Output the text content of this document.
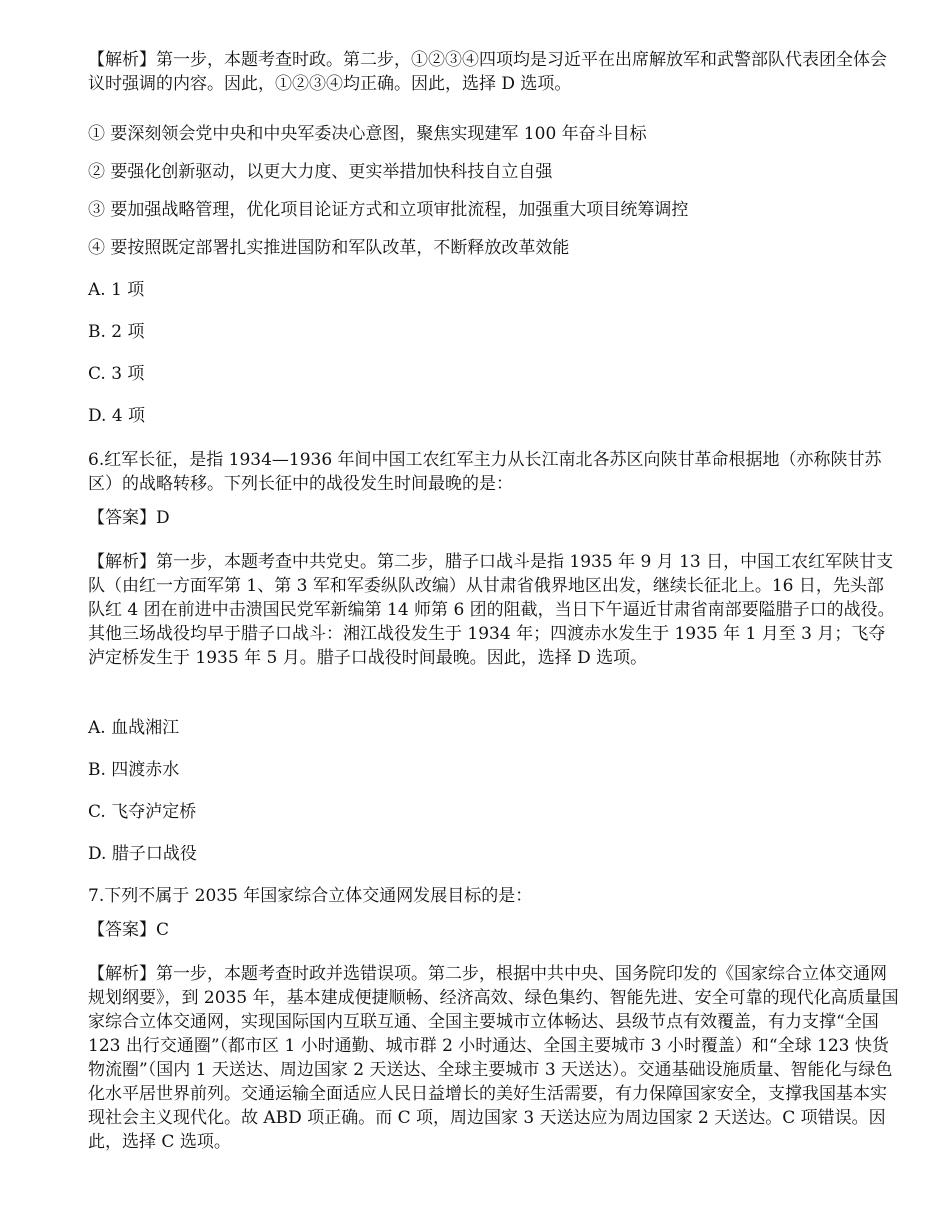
【解析】第一步，本题考查时政。第二步，①②③④四项均是习近平在出席解放军和武警部队代表团全体会议时强调的内容。因此，①②③④均正确。因此，选择 D 选项。
① 要深刻领会党中央和中央军委决心意图，聚焦实现建军 100 年奋斗目标
② 要强化创新驱动，以更大力度、更实举措加快科技自立自强
③ 要加强战略管理，优化项目论证方式和立项审批流程，加强重大项目统筹调控
④ 要按照既定部署扎实推进国防和军队改革，不断释放改革效能
A. 1 项
B. 2 项
C. 3 项
D. 4 项
6.红军长征，是指 1934—1936 年间中国工农红军主力从长江南北各苏区向陕甘革命根据地（亦称陕甘苏区）的战略转移。下列长征中的战役发生时间最晚的是：
【答案】D
【解析】第一步，本题考查中共党史。第二步，腊子口战斗是指 1935 年 9 月 13 日，中国工农红军陕甘支队（由红一方面军第 1、第 3 军和军委纵队改编）从甘肃省俄界地区出发，继续长征北上。16 日，先头部队红 4 团在前进中击溃国民党军新编第 14 师第 6 团的阻截，当日下午逼近甘肃省南部要隘腊子口的战役。其他三场战役均早于腊子口战斗：湘江战役发生于 1934 年；四渡赤水发生于 1935 年 1 月至 3 月；飞夺泸定桥发生于 1935 年 5 月。腊子口战役时间最晚。因此，选择 D 选项。
A. 血战湘江
B. 四渡赤水
C. 飞夺泸定桥
D. 腊子口战役
7.下列不属于 2035 年国家综合立体交通网发展目标的是：
【答案】C
【解析】第一步，本题考查时政并选错误项。第二步，根据中共中央、国务院印发的《国家综合立体交通网规划纲要》，到 2035 年，基本建成便捷顺畅、经济高效、绿色集约、智能先进、安全可靠的现代化高质量国家综合立体交通网，实现国际国内互联互通、全国主要城市立体畅达、县级节点有效覆盖，有力支撑“全国 123 出行交通圈”（都市区 1 小时通勤、城市群 2 小时通达、全国主要城市 3 小时覆盖）和“全球 123 快货物流圈”（国内 1 天送达、周边国家 2 天送达、全球主要城市 3 天送达）。交通基础设施质量、智能化与绿色化水平居世界前列。交通运输全面适应人民日益增长的美好生活需要，有力保障国家安全，支撑我国基本实现社会主义现代化。故 ABD 项正确。而 C 项，周边国家 3 天送达应为周边国家 2 天送达。C 项错误。因此，选择 C 选项。
